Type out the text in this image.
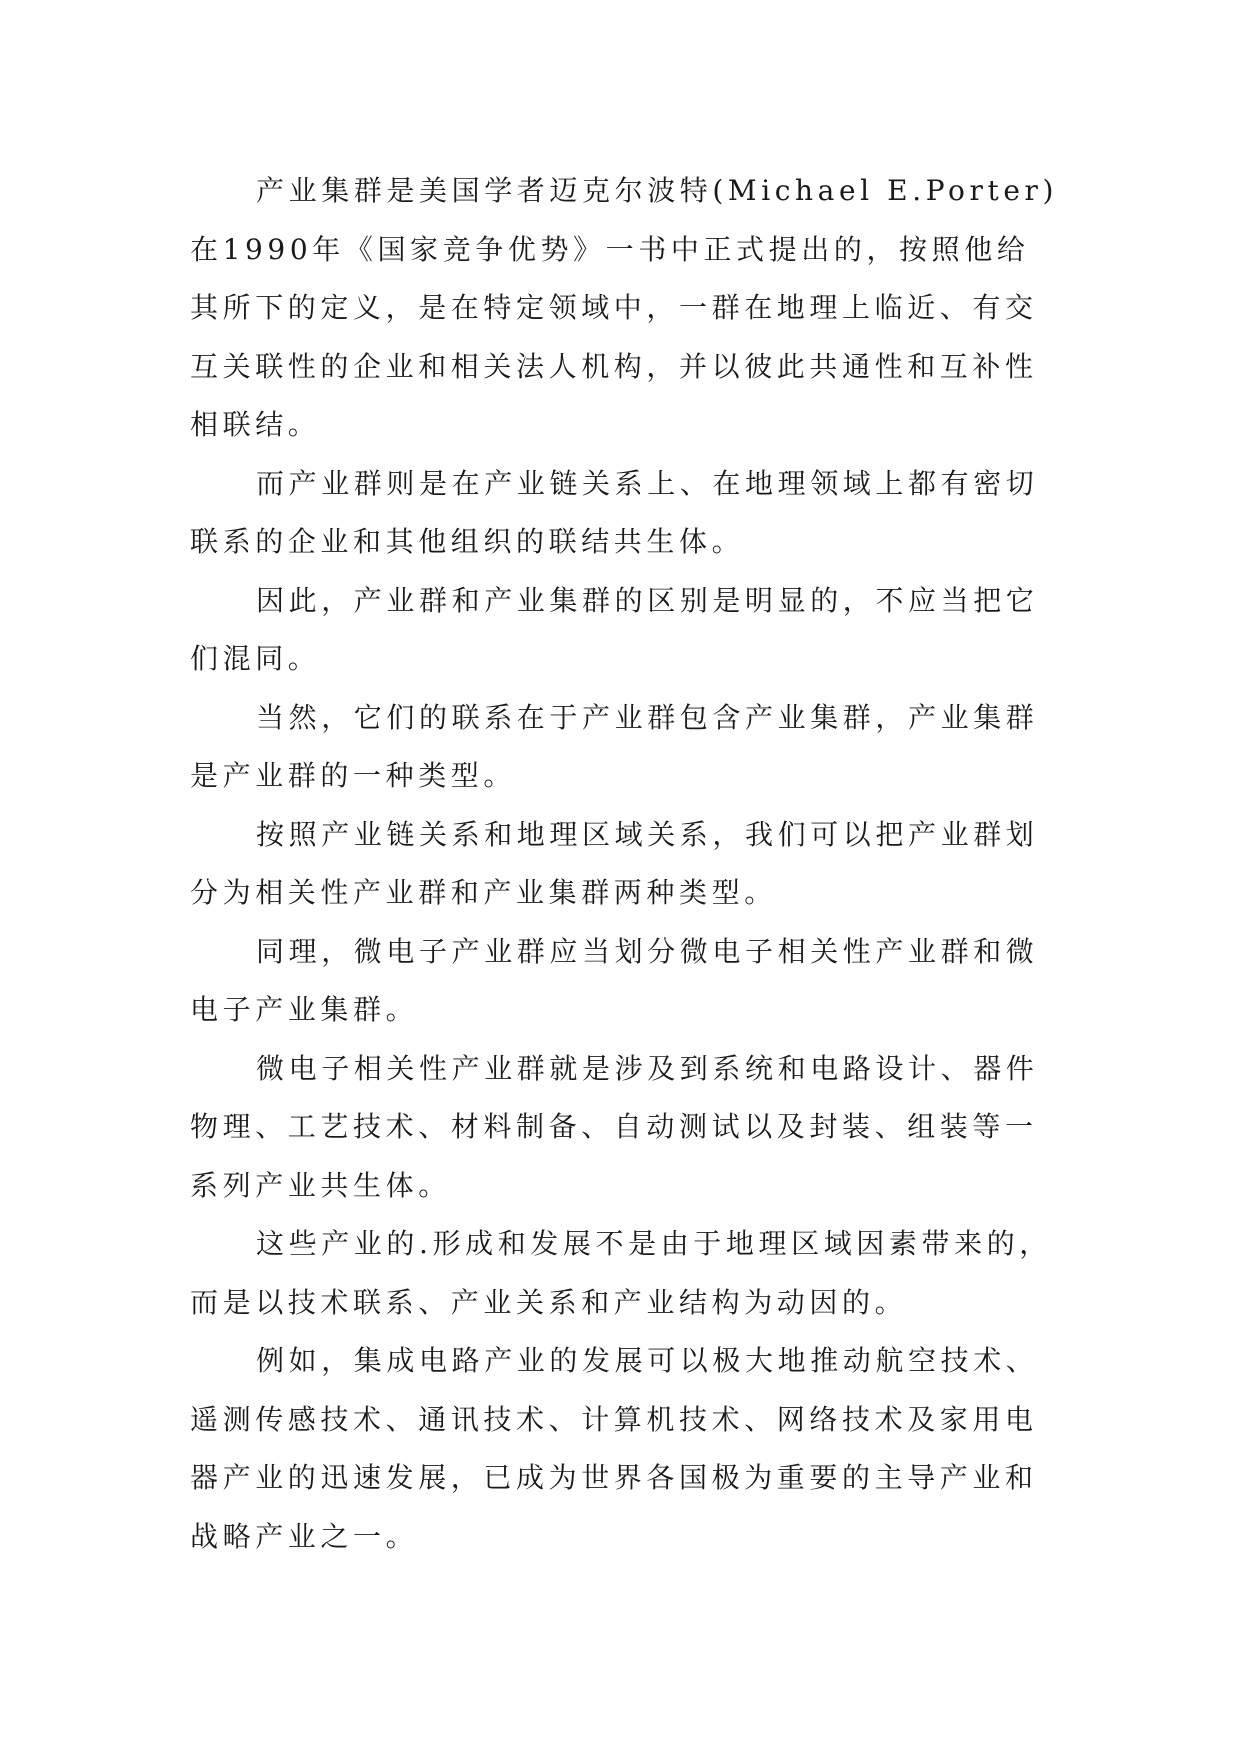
产业集群是美国学者迈克尔波特(Michael E.Porter)
在1990年《国家竞争优势》一书中正式提出的，按照他给
其所下的定义，是在特定领域中，一群在地理上临近、有交
互关联性的企业和相关法人机构，并以彼此共通性和互补性
相联结。

而产业群则是在产业链关系上、在地理领域上都有密切
联系的企业和其他组织的联结共生体。

因此，产业群和产业集群的区别是明显的，不应当把它
们混同。

当然，它们的联系在于产业群包含产业集群，产业集群
是产业群的一种类型。

按照产业链关系和地理区域关系，我们可以把产业群划
分为相关性产业群和产业集群两种类型。

同理，微电子产业群应当划分微电子相关性产业群和微
电子产业集群。

微电子相关性产业群就是涉及到系统和电路设计、器件
物理、工艺技术、材料制备、自动测试以及封装、组装等一
系列产业共生体。

这些产业的.形成和发展不是由于地理区域因素带来的，
而是以技术联系、产业关系和产业结构为动因的。

例如，集成电路产业的发展可以极大地推动航空技术、
遥测传感技术、通讯技术、计算机技术、网络技术及家用电
器产业的迅速发展，已成为世界各国极为重要的主导产业和
战略产业之一。
